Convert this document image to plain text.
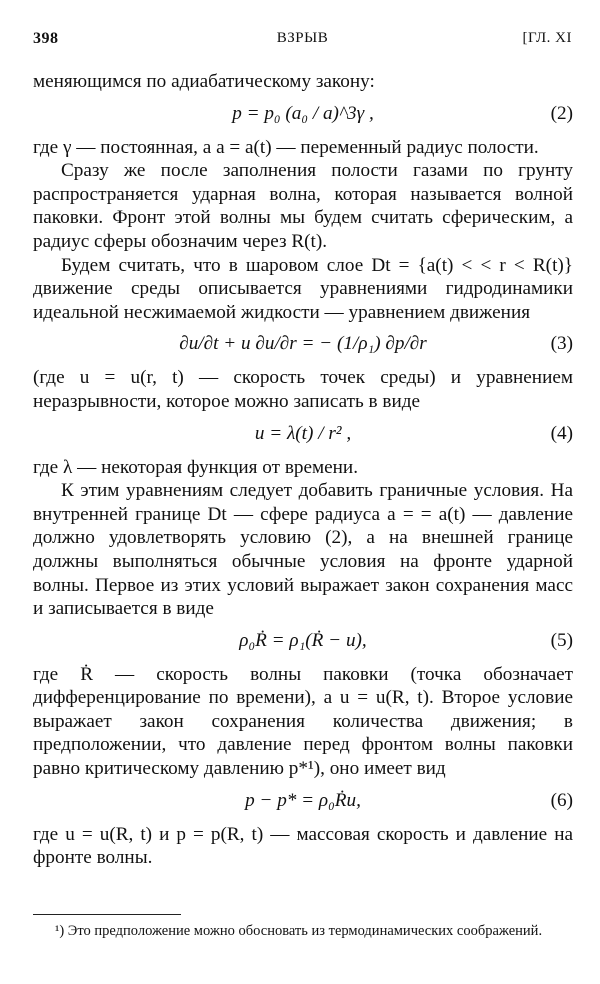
398	ВЗРЫВ	[ГЛ. XI

меняющимся по адиабатическому закону:

p = p₀ (a₀ / a)^3γ ,	(2)

где γ — постоянная, а a = a(t) — переменный радиус полости.

Сразу же после заполнения полости газами по грунту распространяется ударная волна, которая называется волной паковки. Фронт этой волны мы будем считать сферическим, а радиус сферы обозначим через R(t).

Будем считать, что в шаровом слое Dt = {a(t) < < r < R(t)} движение среды описывается уравнениями гидродинамики идеальной несжимаемой жидкости — уравнением движения

∂u/∂t + u ∂u/∂r = − (1/ρ₁) ∂p/∂r	(3)

(где u = u(r, t) — скорость точек среды) и уравнением неразрывности, которое можно записать в виде

u = λ(t) / r² ,	(4)

где λ — некоторая функция от времени.

К этим уравнениям следует добавить граничные условия. На внутренней границе Dt — сфере радиуса a = = a(t) — давление должно удовлетворять условию (2), а на внешней границе должны выполняться обычные условия на фронте ударной волны. Первое из этих условий выражает закон сохранения масс и записывается в виде

ρ₀Ṙ = ρ₁(Ṙ − u),	(5)

где Ṙ — скорость волны паковки (точка обозначает дифференцирование по времени), а u = u(R, t). Второе условие выражает закон сохранения количества движения; в предположении, что давление перед фронтом волны паковки равно критическому давлению p*¹), оно имеет вид

p − p* = ρ₀Ṙu,	(6)

где u = u(R, t) и p = p(R, t) — массовая скорость и давление на фронте волны.

¹) Это предположение можно обосновать из термодинамических соображений.
